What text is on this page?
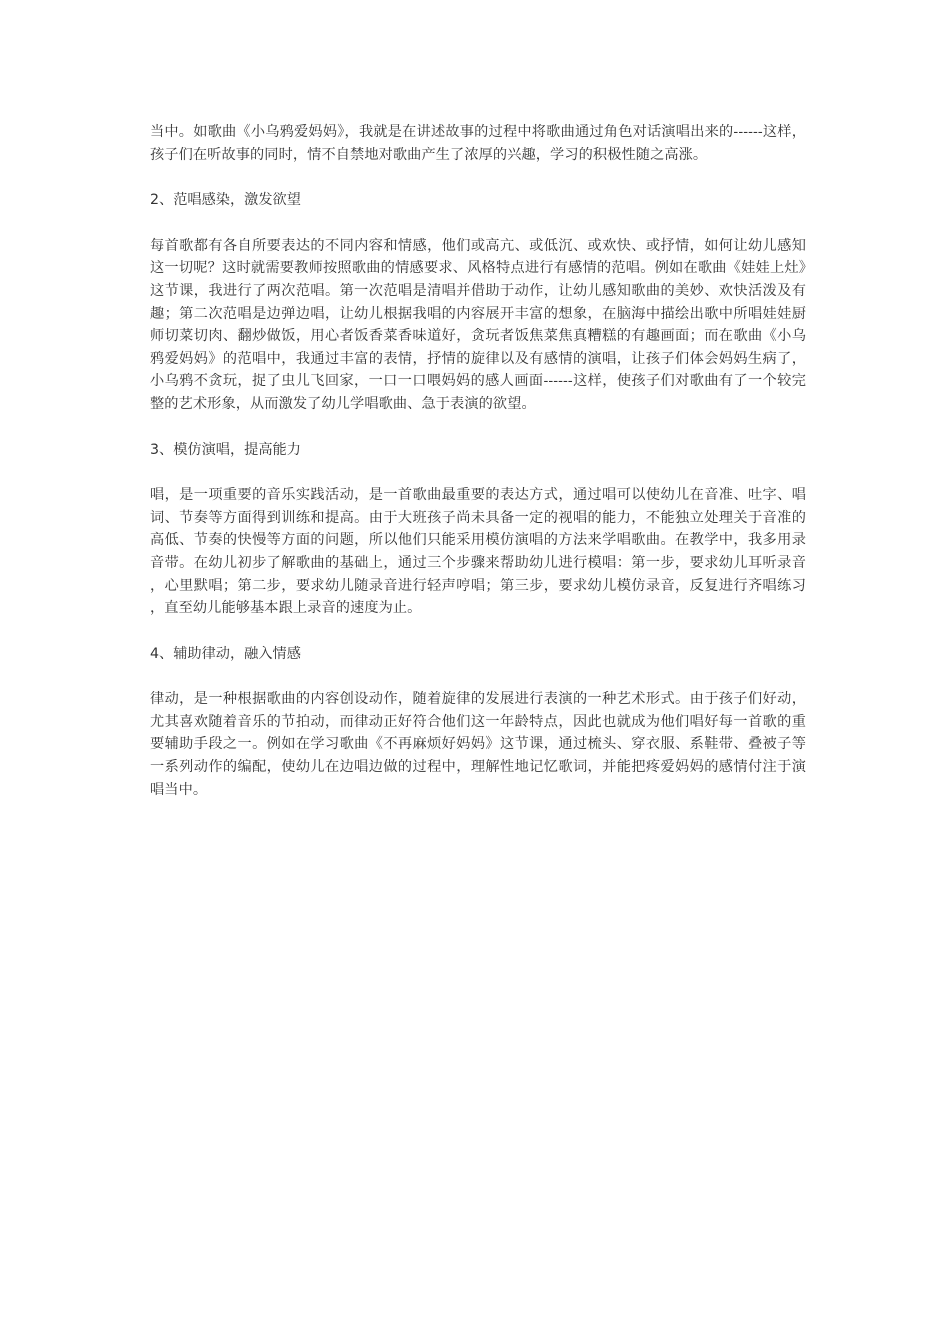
当中。如歌曲《小乌鸦爱妈妈》，我就是在讲述故事的过程中将歌曲通过角色对话演唱出来的------这样，孩子们在听故事的同时，情不自禁地对歌曲产生了浓厚的兴趣，学习的积极性随之高涨。

2、范唱感染，激发欲望

每首歌都有各自所要表达的不同内容和情感，他们或高亢、或低沉、或欢快、或抒情，如何让幼儿感知这一切呢？这时就需要教师按照歌曲的情感要求、风格特点进行有感情的范唱。例如在歌曲《娃娃上灶》这节课，我进行了两次范唱。第一次范唱是清唱并借助于动作，让幼儿感知歌曲的美妙、欢快活泼及有趣；第二次范唱是边弹边唱，让幼儿根据我唱的内容展开丰富的想象，在脑海中描绘出歌中所唱娃娃厨师切菜切肉、翻炒做饭，用心者饭香菜香味道好，贪玩者饭焦菜焦真糟糕的有趣画面；而在歌曲《小乌鸦爱妈妈》的范唱中，我通过丰富的表情，抒情的旋律以及有感情的演唱，让孩子们体会妈妈生病了，小乌鸦不贪玩，捉了虫儿飞回家，一口一口喂妈妈的感人画面------这样，使孩子们对歌曲有了一个较完整的艺术形象，从而激发了幼儿学唱歌曲、急于表演的欲望。

3、模仿演唱，提高能力

唱，是一项重要的音乐实践活动，是一首歌曲最重要的表达方式，通过唱可以使幼儿在音准、吐字、唱词、节奏等方面得到训练和提高。由于大班孩子尚未具备一定的视唱的能力，不能独立处理关于音准的高低、节奏的快慢等方面的问题，所以他们只能采用模仿演唱的方法来学唱歌曲。在教学中，我多用录音带。在幼儿初步了解歌曲的基础上，通过三个步骤来帮助幼儿进行模唱：第一步，要求幼儿耳听录音，心里默唱；第二步，要求幼儿随录音进行轻声哼唱；第三步，要求幼儿模仿录音，反复进行齐唱练习，直至幼儿能够基本跟上录音的速度为止。

4、辅助律动，融入情感

律动，是一种根据歌曲的内容创设动作，随着旋律的发展进行表演的一种艺术形式。由于孩子们好动，尤其喜欢随着音乐的节拍动，而律动正好符合他们这一年龄特点，因此也就成为他们唱好每一首歌的重要辅助手段之一。例如在学习歌曲《不再麻烦好妈妈》这节课，通过梳头、穿衣服、系鞋带、叠被子等一系列动作的编配，使幼儿在边唱边做的过程中，理解性地记忆歌词，并能把疼爱妈妈的感情付注于演唱当中。
